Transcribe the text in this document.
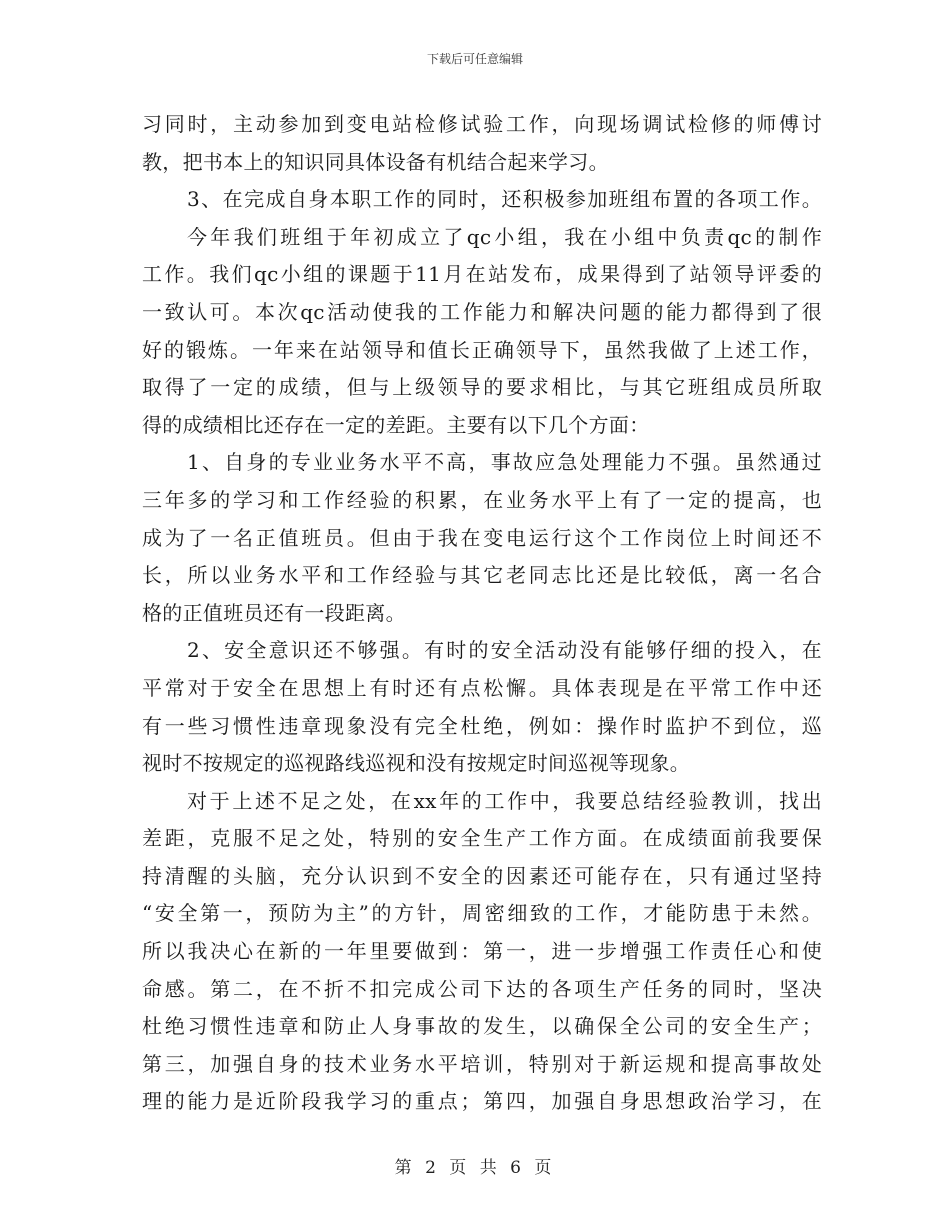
下载后可任意编辑
习同时，主动参加到变电站检修试验工作，向现场调试检修的师傅讨
教，把书本上的知识同具体设备有机结合起来学习。
3、在完成自身本职工作的同时，还积极参加班组布置的各项工作。
今年我们班组于年初成立了qc小组，我在小组中负责qc的制作
工作。我们qc小组的课题于11月在站发布，成果得到了站领导评委的
一致认可。本次qc活动使我的工作能力和解决问题的能力都得到了很
好的锻炼。一年来在站领导和值长正确领导下，虽然我做了上述工作，
取得了一定的成绩，但与上级领导的要求相比，与其它班组成员所取
得的成绩相比还存在一定的差距。主要有以下几个方面：
1、自身的专业业务水平不高，事故应急处理能力不强。虽然通过
三年多的学习和工作经验的积累，在业务水平上有了一定的提高，也
成为了一名正值班员。但由于我在变电运行这个工作岗位上时间还不
长，所以业务水平和工作经验与其它老同志比还是比较低，离一名合
格的正值班员还有一段距离。
2、安全意识还不够强。有时的安全活动没有能够仔细的投入，在
平常对于安全在思想上有时还有点松懈。具体表现是在平常工作中还
有一些习惯性违章现象没有完全杜绝，例如：操作时监护不到位，巡
视时不按规定的巡视路线巡视和没有按规定时间巡视等现象。
对于上述不足之处，在xx年的工作中，我要总结经验教训，找出
差距，克服不足之处，特别的安全生产工作方面。在成绩面前我要保
持清醒的头脑，充分认识到不安全的因素还可能存在，只有通过坚持
“安全第一，预防为主”的方针，周密细致的工作，才能防患于未然。
所以我决心在新的一年里要做到：第一，进一步增强工作责任心和使
命感。第二，在不折不扣完成公司下达的各项生产任务的同时，坚决
杜绝习惯性违章和防止人身事故的发生，以确保全公司的安全生产；
第三，加强自身的技术业务水平培训，特别对于新运规和提高事故处
理的能力是近阶段我学习的重点；第四，加强自身思想政治学习，在
第 2 页 共 6 页
